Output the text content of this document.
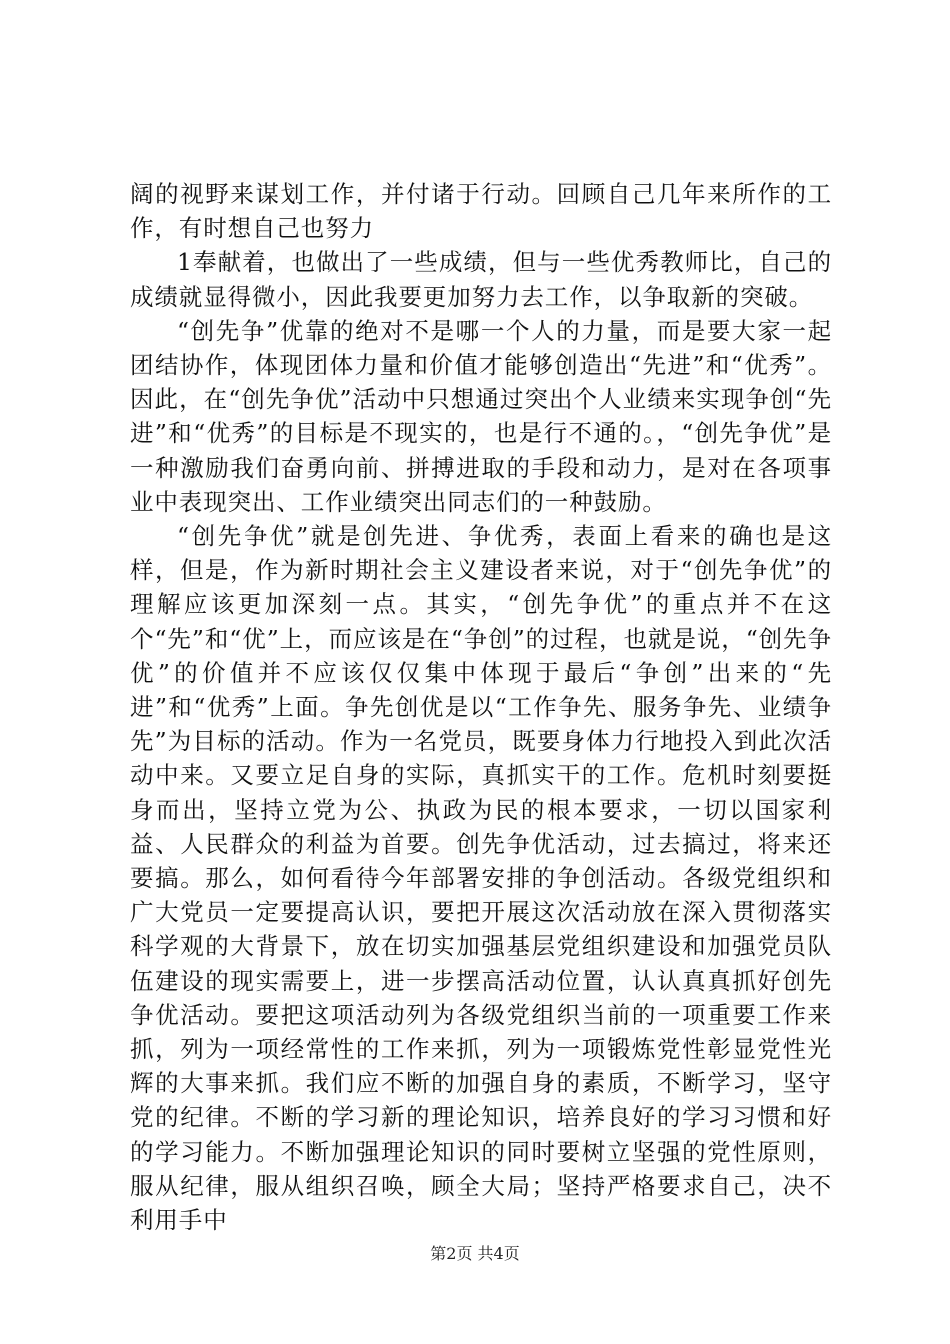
阔的视野来谋划工作，并付诸于行动。回顾自己几年来所作的工作，有时想自己也努力

1奉献着，也做出了一些成绩，但与一些优秀教师比，自己的成绩就显得微小，因此我要更加努力去工作，以争取新的突破。

“创先争”优靠的绝对不是哪一个人的力量，而是要大家一起团结协作，体现团体力量和价值才能够创造出“先进”和“优秀”。因此，在“创先争优”活动中只想通过突出个人业绩来实现争创“先进”和“优秀”的目标是不现实的，也是行不通的。，“创先争优”是一种激励我们奋勇向前、拼搏进取的手段和动力，是对在各项事业中表现突出、工作业绩突出同志们的一种鼓励。

“创先争优”就是创先进、争优秀，表面上看来的确也是这样，但是，作为新时期社会主义建设者来说，对于“创先争优”的理解应该更加深刻一点。其实，“创先争优”的重点并不在这个“先”和“优”上，而应该是在“争创”的过程，也就是说，“创先争优”的价值并不应该仅仅集中体现于最后“争创”出来的“先进”和“优秀”上面。争先创优是以“工作争先、服务争先、业绩争先”为目标的活动。作为一名党员，既要身体力行地投入到此次活动中来。又要立足自身的实际，真抓实干的工作。危机时刻要挺身而出，坚持立党为公、执政为民的根本要求，一切以国家利益、人民群众的利益为首要。创先争优活动，过去搞过，将来还要搞。那么，如何看待今年部署安排的争创活动。各级党组织和广大党员一定要提高认识，要把开展这次活动放在深入贯彻落实科学观的大背景下，放在切实加强基层党组织建设和加强党员队伍建设的现实需要上，进一步摆高活动位置，认认真真抓好创先争优活动。要把这项活动列为各级党组织当前的一项重要工作来抓，列为一项经常性的工作来抓，列为一项锻炼党性彰显党性光辉的大事来抓。我们应不断的加强自身的素质，不断学习，坚守党的纪律。不断的学习新的理论知识，培养良好的学习习惯和好的学习能力。不断加强理论知识的同时要树立坚强的党性原则，服从纪律，服从组织召唤，顾全大局；坚持严格要求自己，决不利用手中

第2页 共4页
